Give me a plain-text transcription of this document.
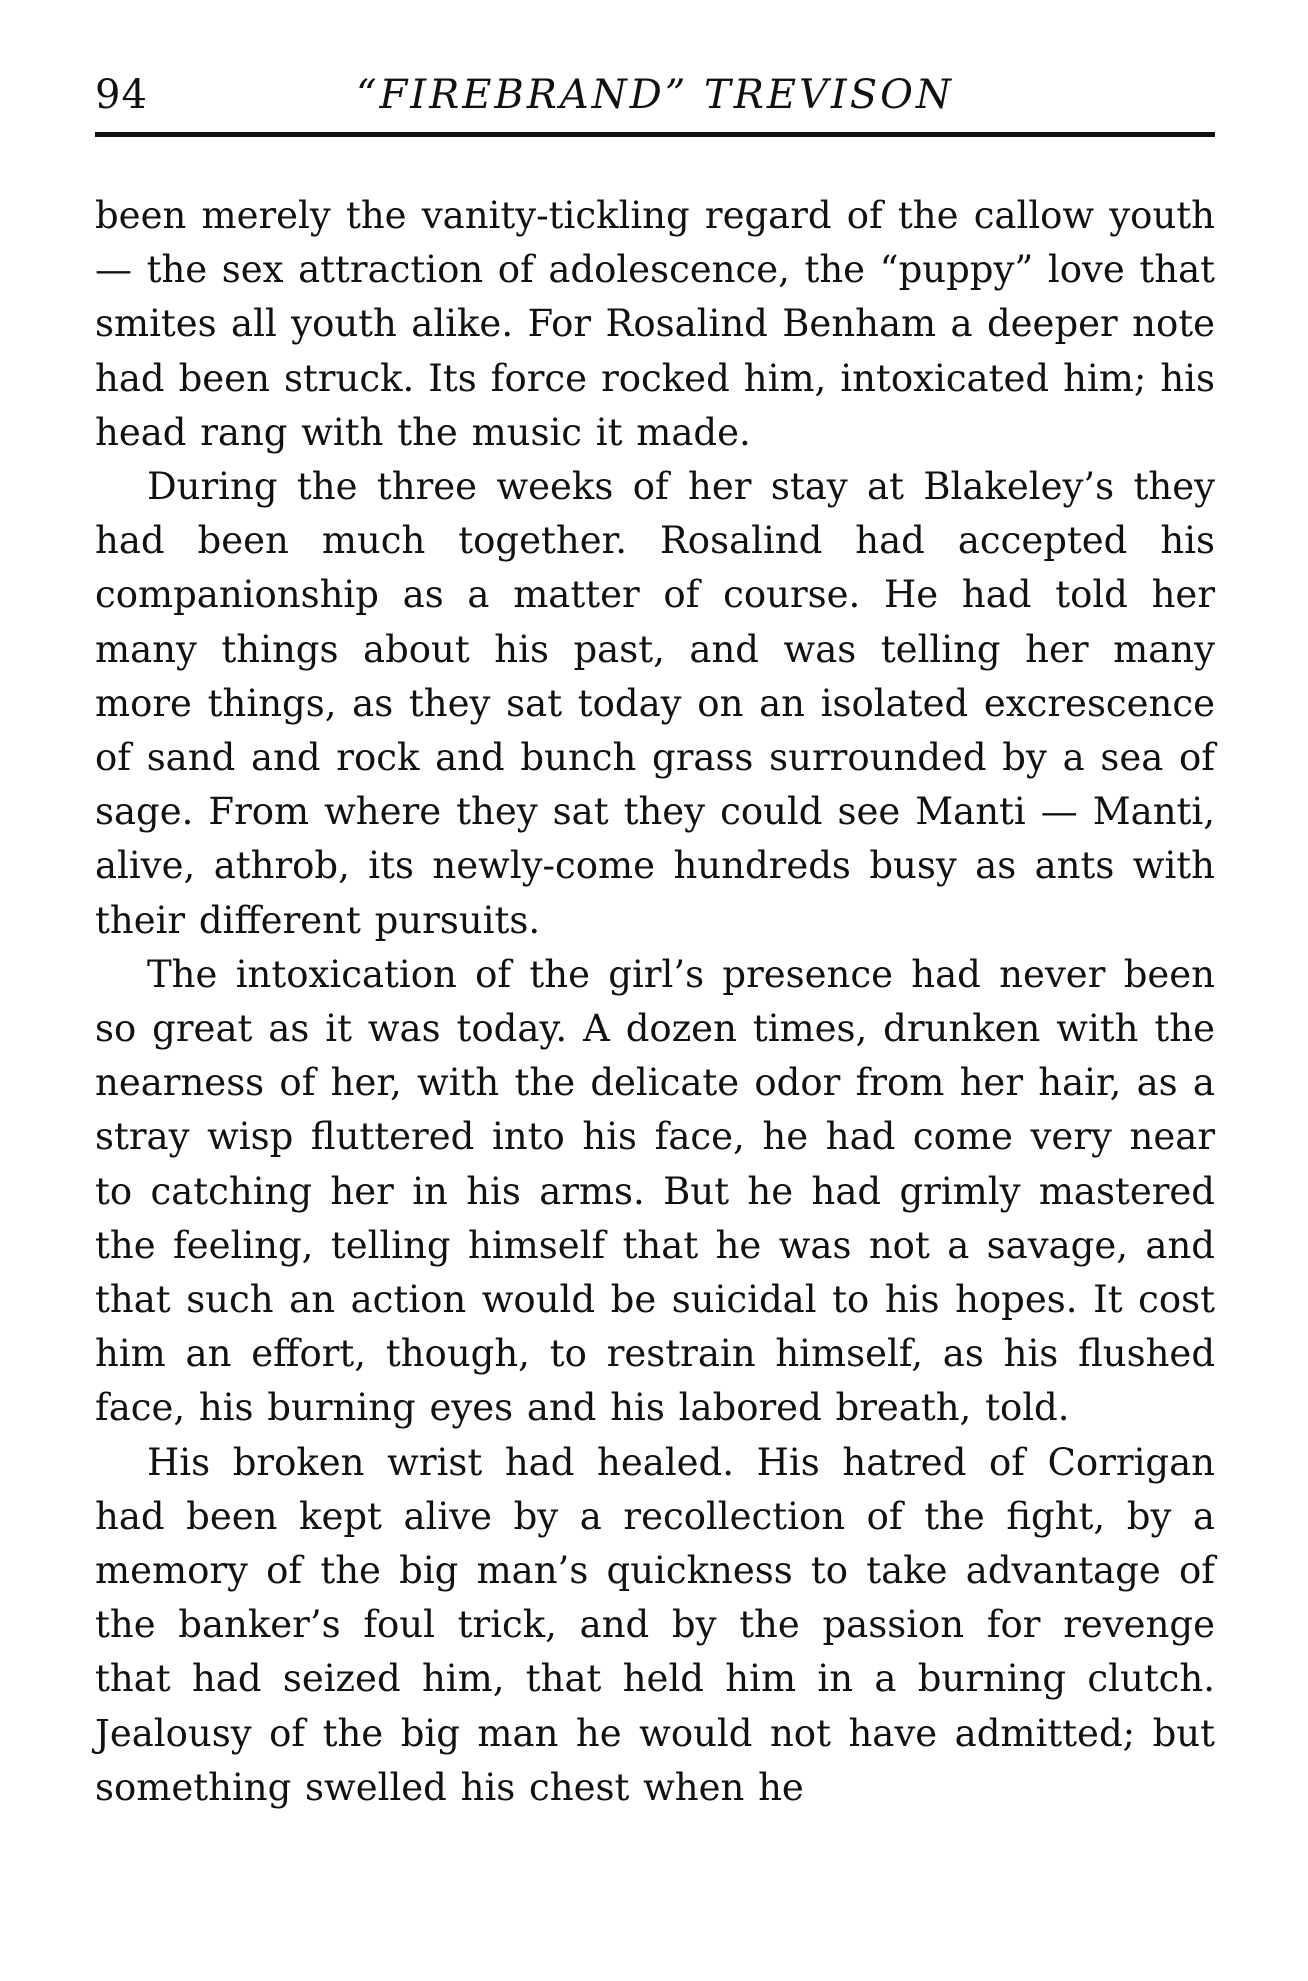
94	“FIREBRAND” TREVISON

been merely the vanity-tickling regard of the callow youth — the sex attraction of adolescence, the “puppy” love that smites all youth alike. For Rosalind Benham a deeper note had been struck. Its force rocked him, intoxicated him; his head rang with the music it made.

During the three weeks of her stay at Blakeley’s they had been much together. Rosalind had accepted his companionship as a matter of course. He had told her many things about his past, and was telling her many more things, as they sat today on an isolated excrescence of sand and rock and bunch grass surrounded by a sea of sage. From where they sat they could see Manti — Manti, alive, athrob, its newly-come hundreds busy as ants with their different pursuits.

The intoxication of the girl’s presence had never been so great as it was today. A dozen times, drunken with the nearness of her, with the delicate odor from her hair, as a stray wisp fluttered into his face, he had come very near to catching her in his arms. But he had grimly mastered the feeling, telling himself that he was not a savage, and that such an action would be suicidal to his hopes. It cost him an effort, though, to restrain himself, as his flushed face, his burning eyes and his labored breath, told.

His broken wrist had healed. His hatred of Corrigan had been kept alive by a recollection of the fight, by a memory of the big man’s quickness to take advantage of the banker’s foul trick, and by the passion for revenge that had seized him, that held him in a burning clutch. Jealousy of the big man he would not have admitted; but something swelled his chest when he
